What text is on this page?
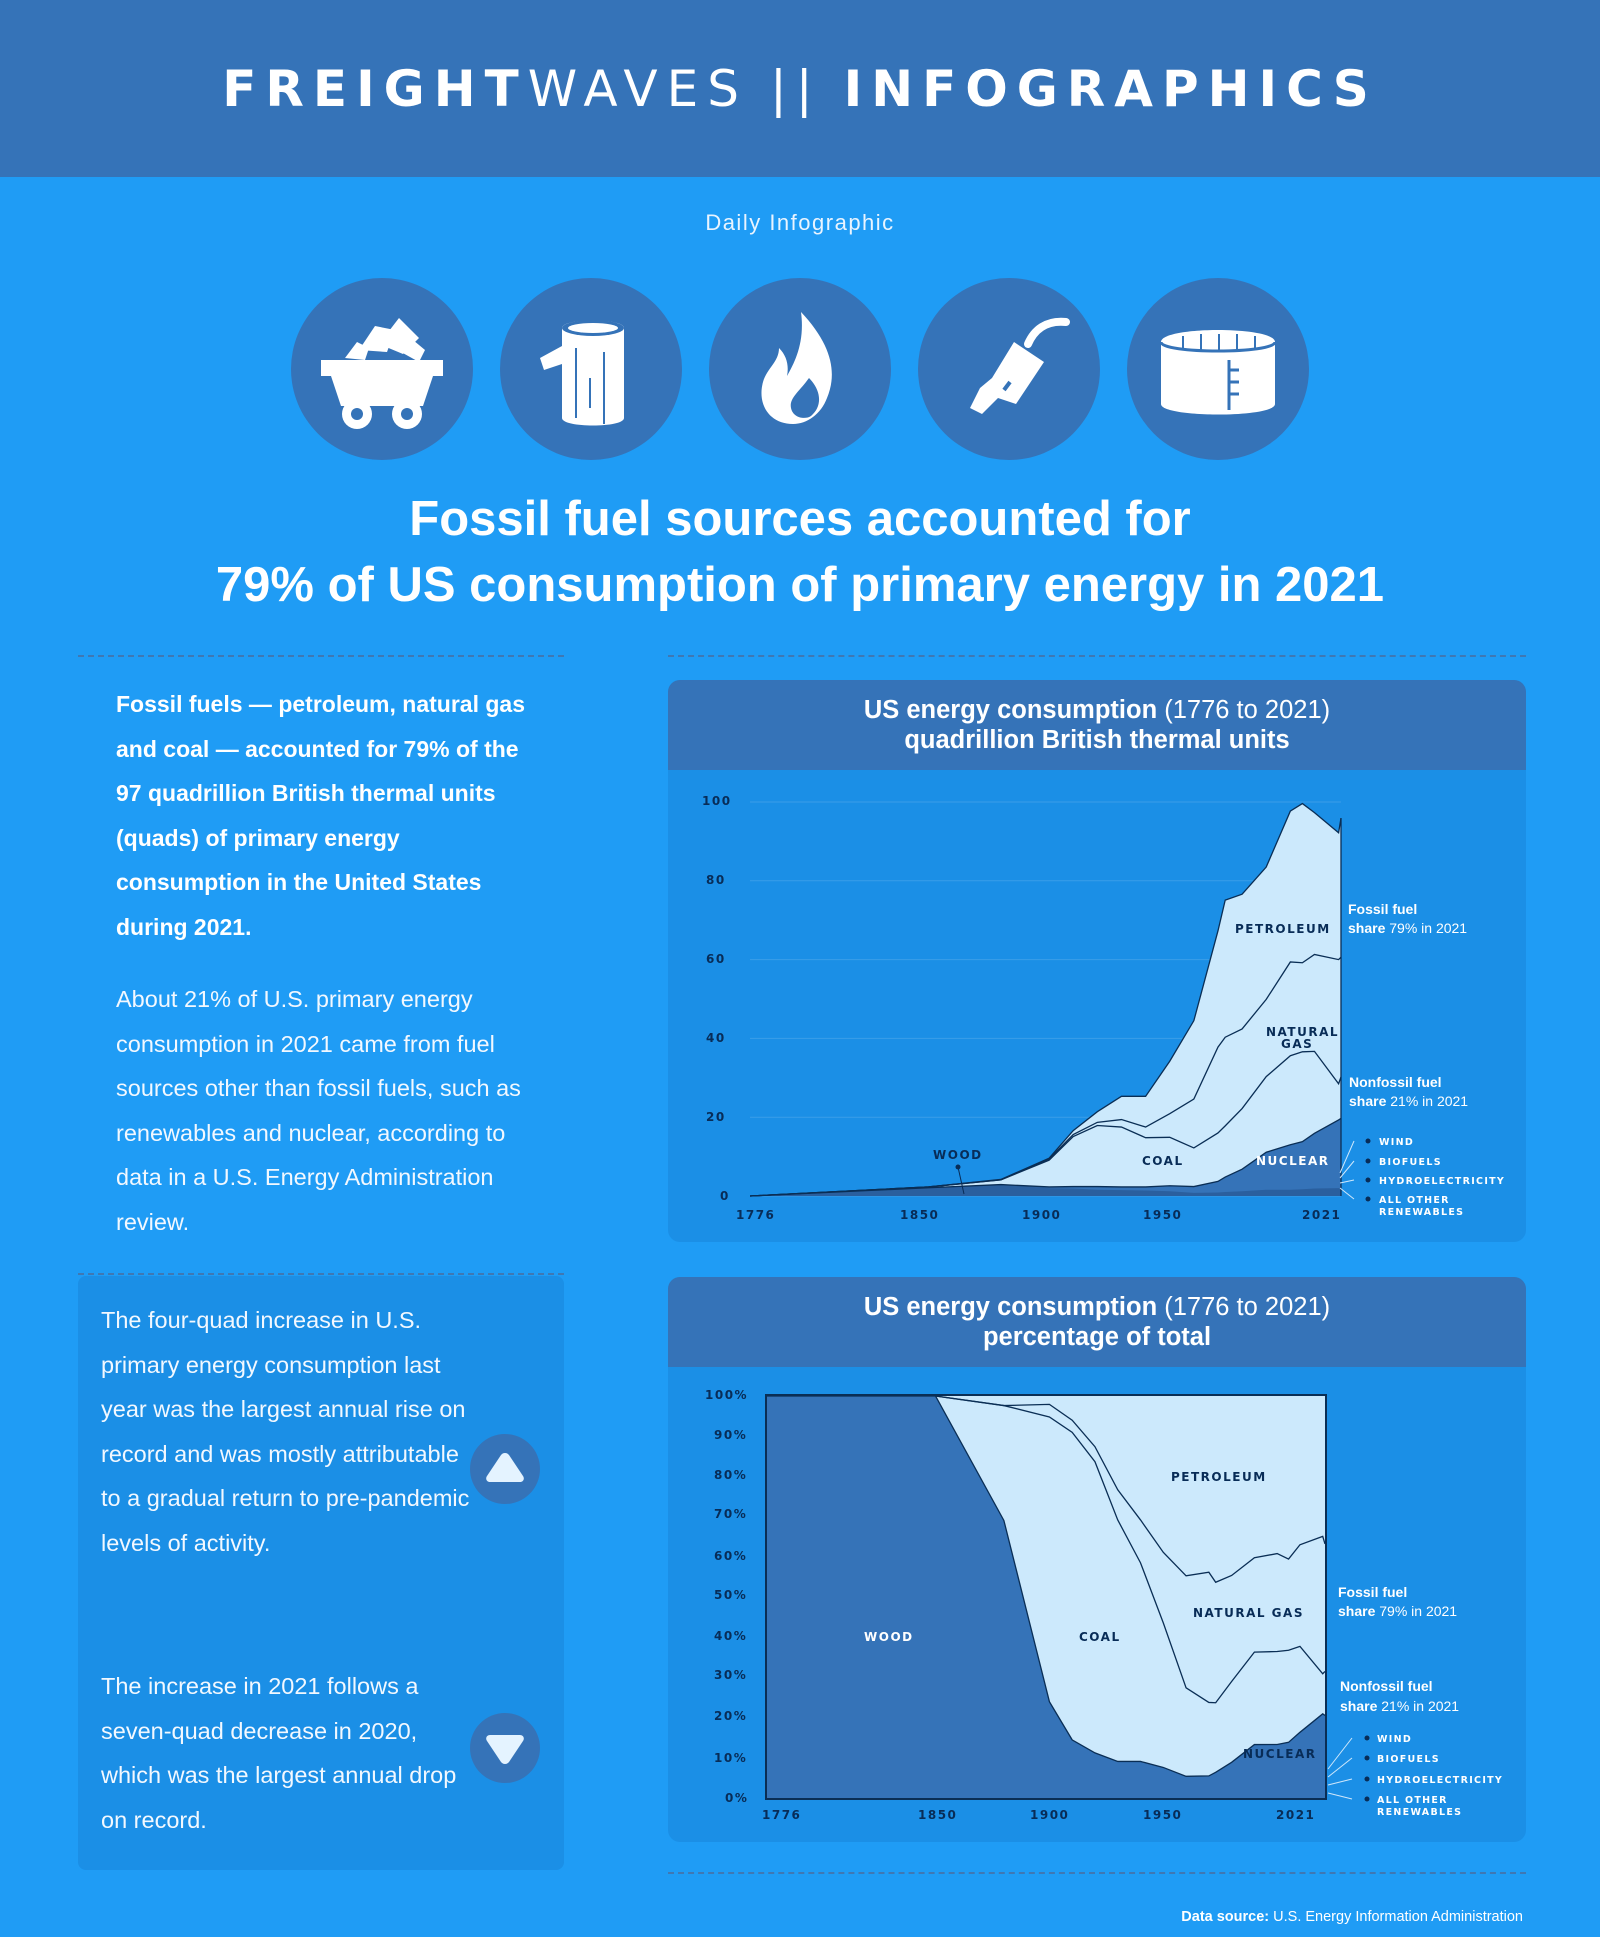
FREIGHTWAVES || INFOGRAPHICS
Daily Infographic
Fossil fuel sources accounted for
79% of US consumption of primary energy in 2021
Fossil fuels — petroleum, natural gas and coal — accounted for 79% of the 97 quadrillion British thermal units (quads) of primary energy consumption in the United States during 2021.
About 21% of U.S. primary energy consumption in 2021 came from fuel sources other than fossil fuels, such as renewables and nuclear, according to data in a U.S. Energy Administration review.
The four-quad increase in U.S. primary energy consumption last year was the largest annual rise on record and was mostly attributable to a gradual return to pre-pandemic levels of activity.
The increase in 2021 follows a seven-quad decrease in 2020, which was the largest annual drop on record.
US energy consumption (1776 to 2021)
quadrillion British thermal units
100
80
60
40
20
0
1776	1850	1900	1950	2021
PETROLEUM
NATURAL
GAS
COAL
WOOD	NUCLEAR
Fossil fuel
share 79% in 2021
Nonfossil fuel
share 21% in 2021
WIND
BIOFUELS
HYDROELECTRICITY
ALL OTHER
RENEWABLES
US energy consumption (1776 to 2021)
percentage of total
100%
90%
80%
70%
60%
50%
40%
30%
20%
10%
0%
1776	1850	1900	1950	2021
WOOD	COAL
PETROLEUM
NATURAL GAS
NUCLEAR
Fossil fuel
share 79% in 2021
Nonfossil fuel
share 21% in 2021
WIND
BIOFUELS
HYDROELECTRICITY
ALL OTHER
RENEWABLES
Data source: U.S. Energy Information Administration
